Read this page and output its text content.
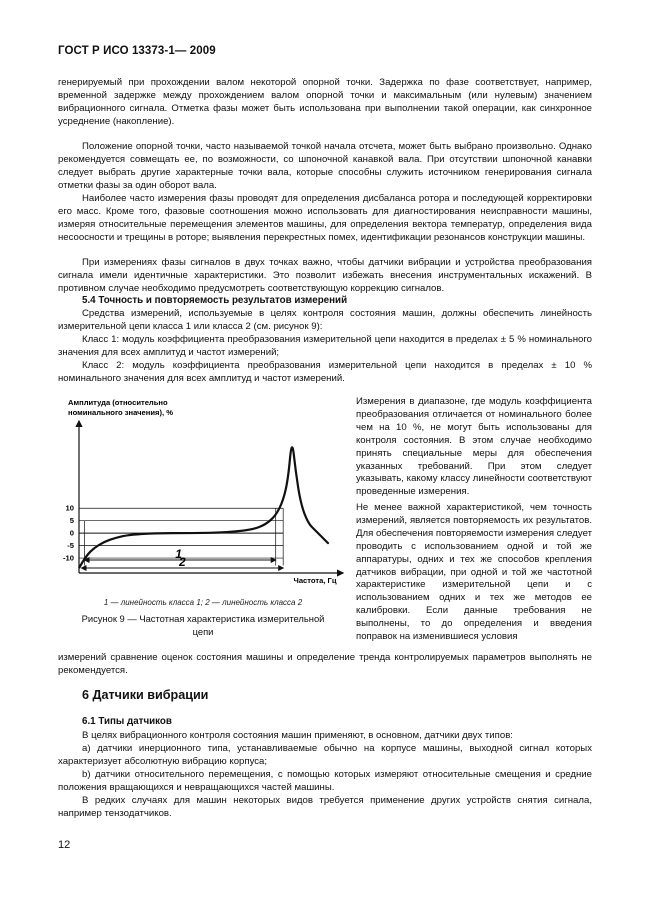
ГОСТ Р ИСО 13373-1— 2009

генерируемый при прохождении валом некоторой опорной точки. Задержка по фазе соответствует, например, временной задержке между прохождением валом опорной точки и максимальным (или нулевым) значением вибрационного сигнала. Отметка фазы может быть использована при выполнении такой операции, как синхронное усреднение (накопление).

Положение опорной точки, часто называемой точкой начала отсчета, может быть выбрано произвольно. Однако рекомендуется совмещать ее, по возможности, со шпоночной канавкой вала. При отсутствии шпоночной канавки следует выбрать другие характерные точки вала, которые способны служить источником генерирования сигнала отметки фазы за один оборот вала.

Наиболее часто измерения фазы проводят для определения дисбаланса ротора и последующей корректировки его масс. Кроме того, фазовые соотношения можно использовать для диагностирования неисправности машины, измеряя относительные перемещения элементов машины, для определения вектора температур, определения вида несоосности и трещины в роторе; выявления перекрестных помех, идентификации резонансов конструкции машины.

При измерениях фазы сигналов в двух точках важно, чтобы датчики вибрации и устройства преобразования сигнала имели идентичные характеристики. Это позволит избежать внесения инструментальных искажений. В противном случае необходимо предусмотреть соответствующую коррекцию сигналов.

5.4 Точность и повторяемость результатов измерений

Средства измерений, используемые в целях контроля состояния машин, должны обеспечить линейность измерительной цепи класса 1 или класса 2 (см. рисунок 9):

Класс 1: модуль коэффициента преобразования измерительной цепи находится в пределах ± 5 % номинального значения для всех амплитуд и частот измерений;

Класс 2: модуль коэффициента преобразования измерительной цепи находится в пределах ± 10 % номинального значения для всех амплитуд и частот измерений.

Измерения в диапазоне, где модуль коэффициента преобразования отличается от номинального более чем на 10 %, не могут быть использованы для контроля состояния. В этом случае необходимо принять специальные меры для обеспечения указанных требований. При этом следует указывать, какому классу линейности соответствуют проведенные измерения.

Не менее важной характеристикой, чем точность измерений, является повторяемость их результатов. Для обеспечения повторяемости измерения следует проводить с использованием одной и той же аппаратуры, одних и тех же способов крепления датчиков вибрации, при одной и той же частотной характеристике измерительной цепи и с использованием одних и тех же методов ее калибровки. Если данные требования не выполнены, то до определения и введения поправок на изменившиеся условия

Амплитуда (относительно
номинального значения), %
Частота, Гц
10
5
0
-5
-10	1
2
1 — линейность класса 1; 2 — линейность класса 2
Рисунок 9 — Частотная характеристика измерительной цепи

измерений сравнение оценок состояния машины и определение тренда контролируемых параметров выполнять не рекомендуется.

6 Датчики вибрации
6.1 Типы датчиков

В целях вибрационного контроля состояния машин применяют, в основном, датчики двух типов:

а) датчики инерционного типа, устанавливаемые обычно на корпусе машины, выходной сигнал которых характеризует абсолютную вибрацию корпуса;

b) датчики относительного перемещения, с помощью которых измеряют относительные смещения и средние положения вращающихся и невращающихся частей машины.

В редких случаях для машин некоторых видов требуется применение других устройств снятия сигнала, например тензодатчиков.

12
